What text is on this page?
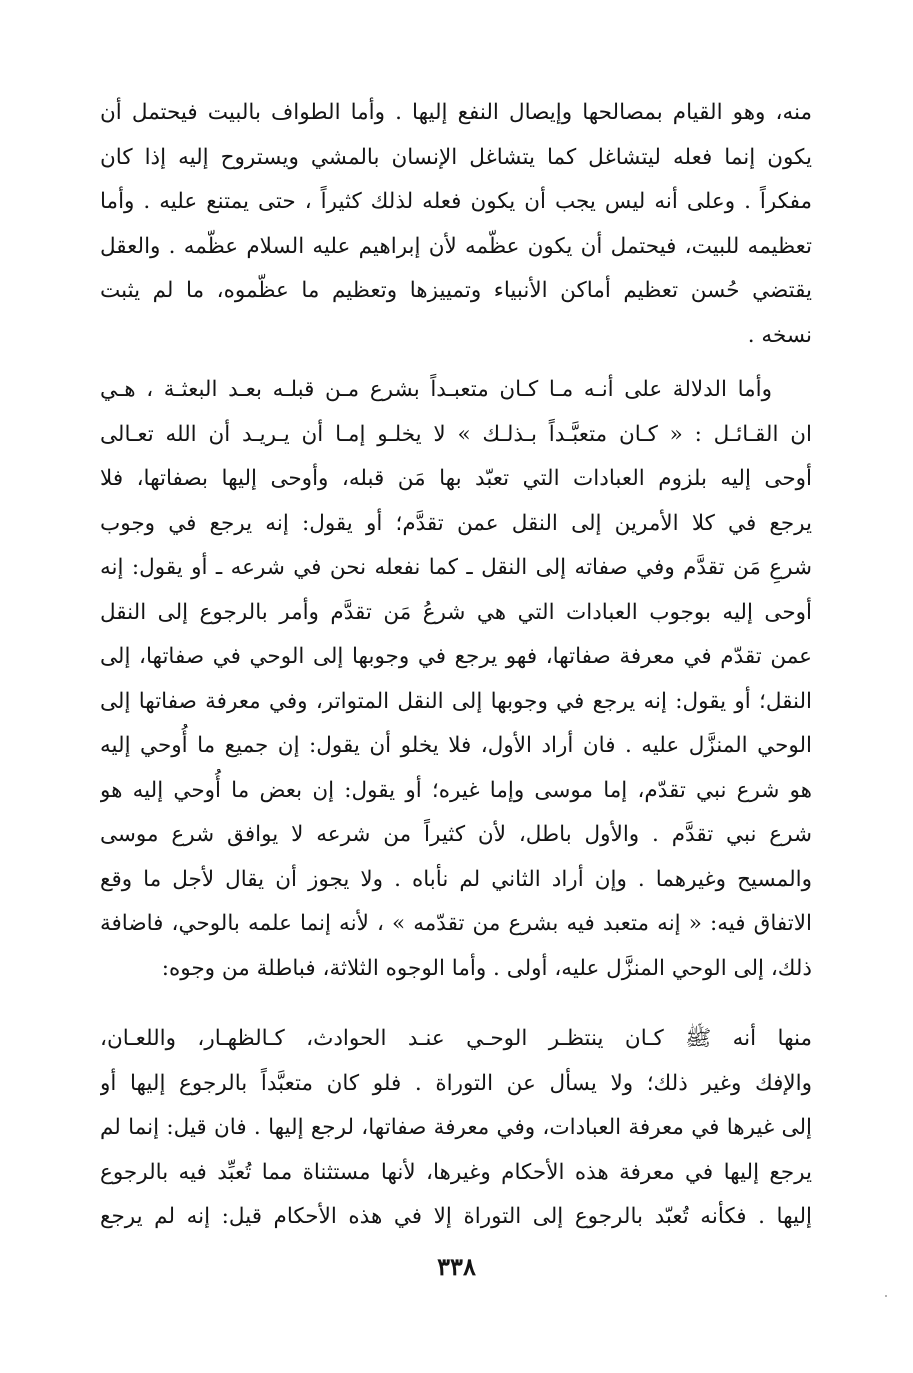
منه، وهو القيام بمصالحها وإيصال النفع إليها . وأما الطواف بالبيت فيحتمل أن
يكون إنما فعله ليتشاغل كما يتشاغل الإنسان بالمشي ويستروح إليه إذا كان
مفكراً . وعلى أنه ليس يجب أن يكون فعله لذلك كثيراً ، حتى يمتنع عليه . وأما
تعظيمه للبيت، فيحتمل أن يكون عظّمه لأن إبراهيم عليه السلام عظّمه . والعقل
يقتضي حُسن تعظيم أماكن الأنبياء وتمييزها وتعظيم ما عظّموه، ما لم يثبت
نسخه .
وأما الدلالة على أنـه مـا كـان متعبـداً بشرع مـن قبلـه بعـد البعثـة ، هـي
ان القـائـل : « كـان متعبَّـداً بـذلـك » لا يخلـو إمـا أن يـريـد أن الله تعـالى
أوحى إليه بلزوم العبادات التي تعبّد بها مَن قبله، وأوحى إليها بصفاتها، فلا
يرجع في كلا الأمرين إلى النقل عمن تقدَّم؛ أو يقول: إنه يرجع في وجوب
شرعِ مَن تقدَّم وفي صفاته إلى النقل ـ كما نفعله نحن في شرعه ـ أو يقول: إنه
أوحى إليه بوجوب العبادات التي هي شرعُ مَن تقدَّم وأمر بالرجوع إلى النقل
عمن تقدّم في معرفة صفاتها، فهو يرجع في وجوبها إلى الوحي في صفاتها، إلى
النقل؛ أو يقول: إنه يرجع في وجوبها إلى النقل المتواتر، وفي معرفة صفاتها إلى
الوحي المنزَّل عليه . فان أراد الأول، فلا يخلو أن يقول: إن جميع ما أُوحي إليه
هو شرع نبي تقدّم، إما موسى وإما غيره؛ أو يقول: إن بعض ما أُوحي إليه هو
شرع نبي تقدَّم . والأول باطل، لأن كثيراً من شرعه لا يوافق شرع موسى
والمسيح وغيرهما . وإن أراد الثاني لم نأباه . ولا يجوز أن يقال لأجل ما وقع
الاتفاق فيه: « إنه متعبد فيه بشرع من تقدّمه » ، لأنه إنما علمه بالوحي، فاضافة
ذلك، إلى الوحي المنزَّل عليه، أولى . وأما الوجوه الثلاثة، فباطلة من وجوه:
منها أنه ﷺ كـان ينتظـر الوحـي عنـد الحوادث، كـالظهـار، واللعـان،
والإفك وغير ذلك؛ ولا يسأل عن التوراة . فلو كان متعبَّداً بالرجوع إليها أو
إلى غيرها في معرفة العبادات، وفي معرفة صفاتها، لرجع إليها . فان قيل: إنما لم
يرجع إليها في معرفة هذه الأحكام وغيرها، لأنها مستثناة مما تُعبِّد فيه بالرجوع
إليها . فكأنه تُعبّد بالرجوع إلى التوراة إلا في هذه الأحكام قيل: إنه لم يرجع
٣٣٨
